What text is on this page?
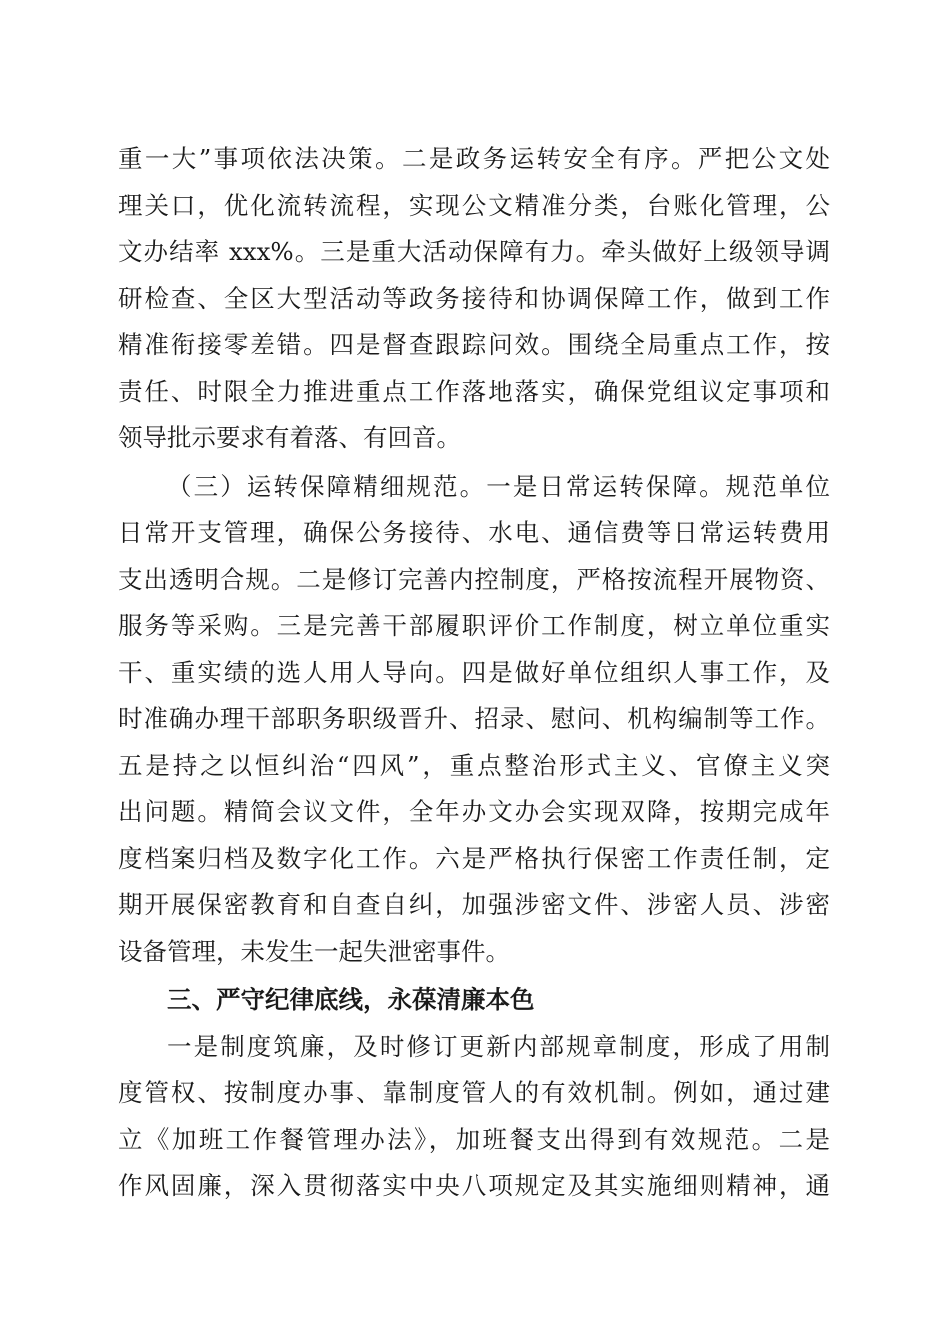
重一大”事项依法决策。二是政务运转安全有序。严把公文处
理关口，优化流转流程，实现公文精准分类，台账化管理，公
文办结率 xxx%。三是重大活动保障有力。牵头做好上级领导调
研检查、全区大型活动等政务接待和协调保障工作，做到工作
精准衔接零差错。四是督查跟踪问效。围绕全局重点工作，按
责任、时限全力推进重点工作落地落实，确保党组议定事项和
领导批示要求有着落、有回音。
（三）运转保障精细规范。一是日常运转保障。规范单位
日常开支管理，确保公务接待、水电、通信费等日常运转费用
支出透明合规。二是修订完善内控制度，严格按流程开展物资、
服务等采购。三是完善干部履职评价工作制度，树立单位重实
干、重实绩的选人用人导向。四是做好单位组织人事工作，及
时准确办理干部职务职级晋升、招录、慰问、机构编制等工作。
五是持之以恒纠治“四风”，重点整治形式主义、官僚主义突
出问题。精简会议文件，全年办文办会实现双降，按期完成年
度档案归档及数字化工作。六是严格执行保密工作责任制，定
期开展保密教育和自查自纠，加强涉密文件、涉密人员、涉密
设备管理，未发生一起失泄密事件。
三、严守纪律底线，永葆清廉本色
一是制度筑廉，及时修订更新内部规章制度，形成了用制
度管权、按制度办事、靠制度管人的有效机制。例如，通过建
立《加班工作餐管理办法》，加班餐支出得到有效规范。二是
作风固廉，深入贯彻落实中央八项规定及其实施细则精神，通
